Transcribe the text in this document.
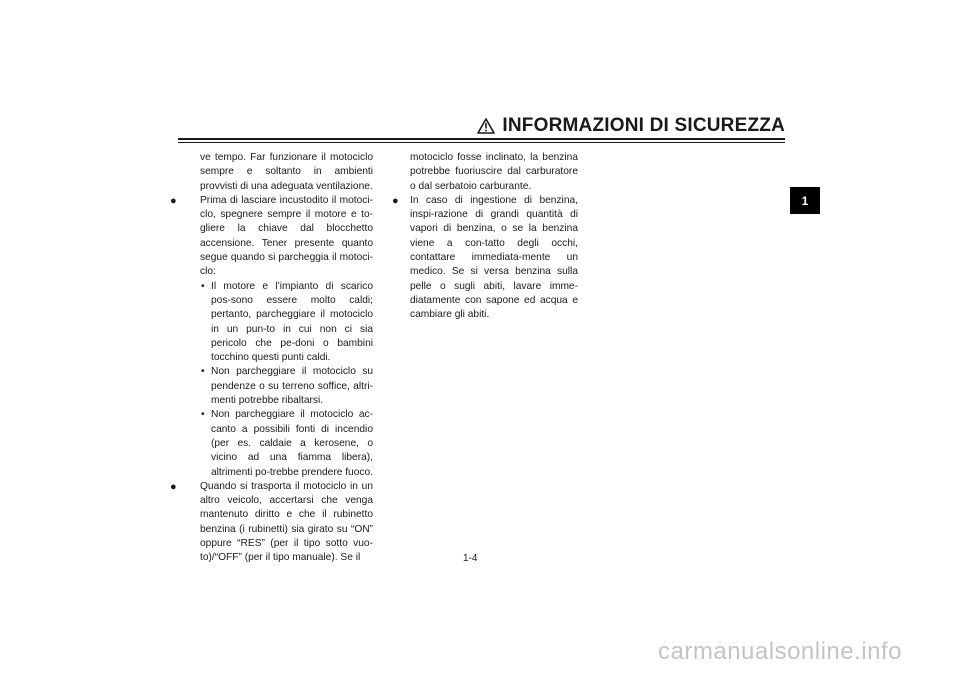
INFORMAZIONI DI SICUREZZA
1

ve tempo. Far funzionare il motociclo sempre e soltanto in ambienti provvisti di una adeguata ventilazione.

● Prima di lasciare incustodito il motoci-clo, spegnere sempre il motore e to-gliere la chiave dal blocchetto accensione. Tener presente quanto segue quando si parcheggia il motoci-clo:
• Il motore e l’impianto di scarico pos-sono essere molto caldi; pertanto, parcheggiare il motociclo in un pun-to in cui non ci sia pericolo che pe-doni o bambini tocchino questi punti caldi.
• Non parcheggiare il motociclo su pendenze o su terreno soffice, altri-menti potrebbe ribaltarsi.
• Non parcheggiare il motociclo ac-canto a possibili fonti di incendio (per es. caldaie a kerosene, o vicino ad una fiamma libera), altrimenti po-trebbe prendere fuoco.
● Quando si trasporta il motociclo in un altro veicolo, accertarsi che venga mantenuto diritto e che il rubinetto benzina (i rubinetti) sia girato su “ON” oppure “RES” (per il tipo sotto vuo-to)/“OFF” (per il tipo manuale). Se il

motociclo fosse inclinato, la benzina potrebbe fuoriuscire dal carburatore o dal serbatoio carburante.

● In caso di ingestione di benzina, inspi-razione di grandi quantità di vapori di benzina, o se la benzina viene a con-tatto degli occhi, contattare immediata-mente un medico. Se si versa benzina sulla pelle o sugli abiti, lavare imme-diatamente con sapone ed acqua e cambiare gli abiti.
1-4
carmanualsonline.info
